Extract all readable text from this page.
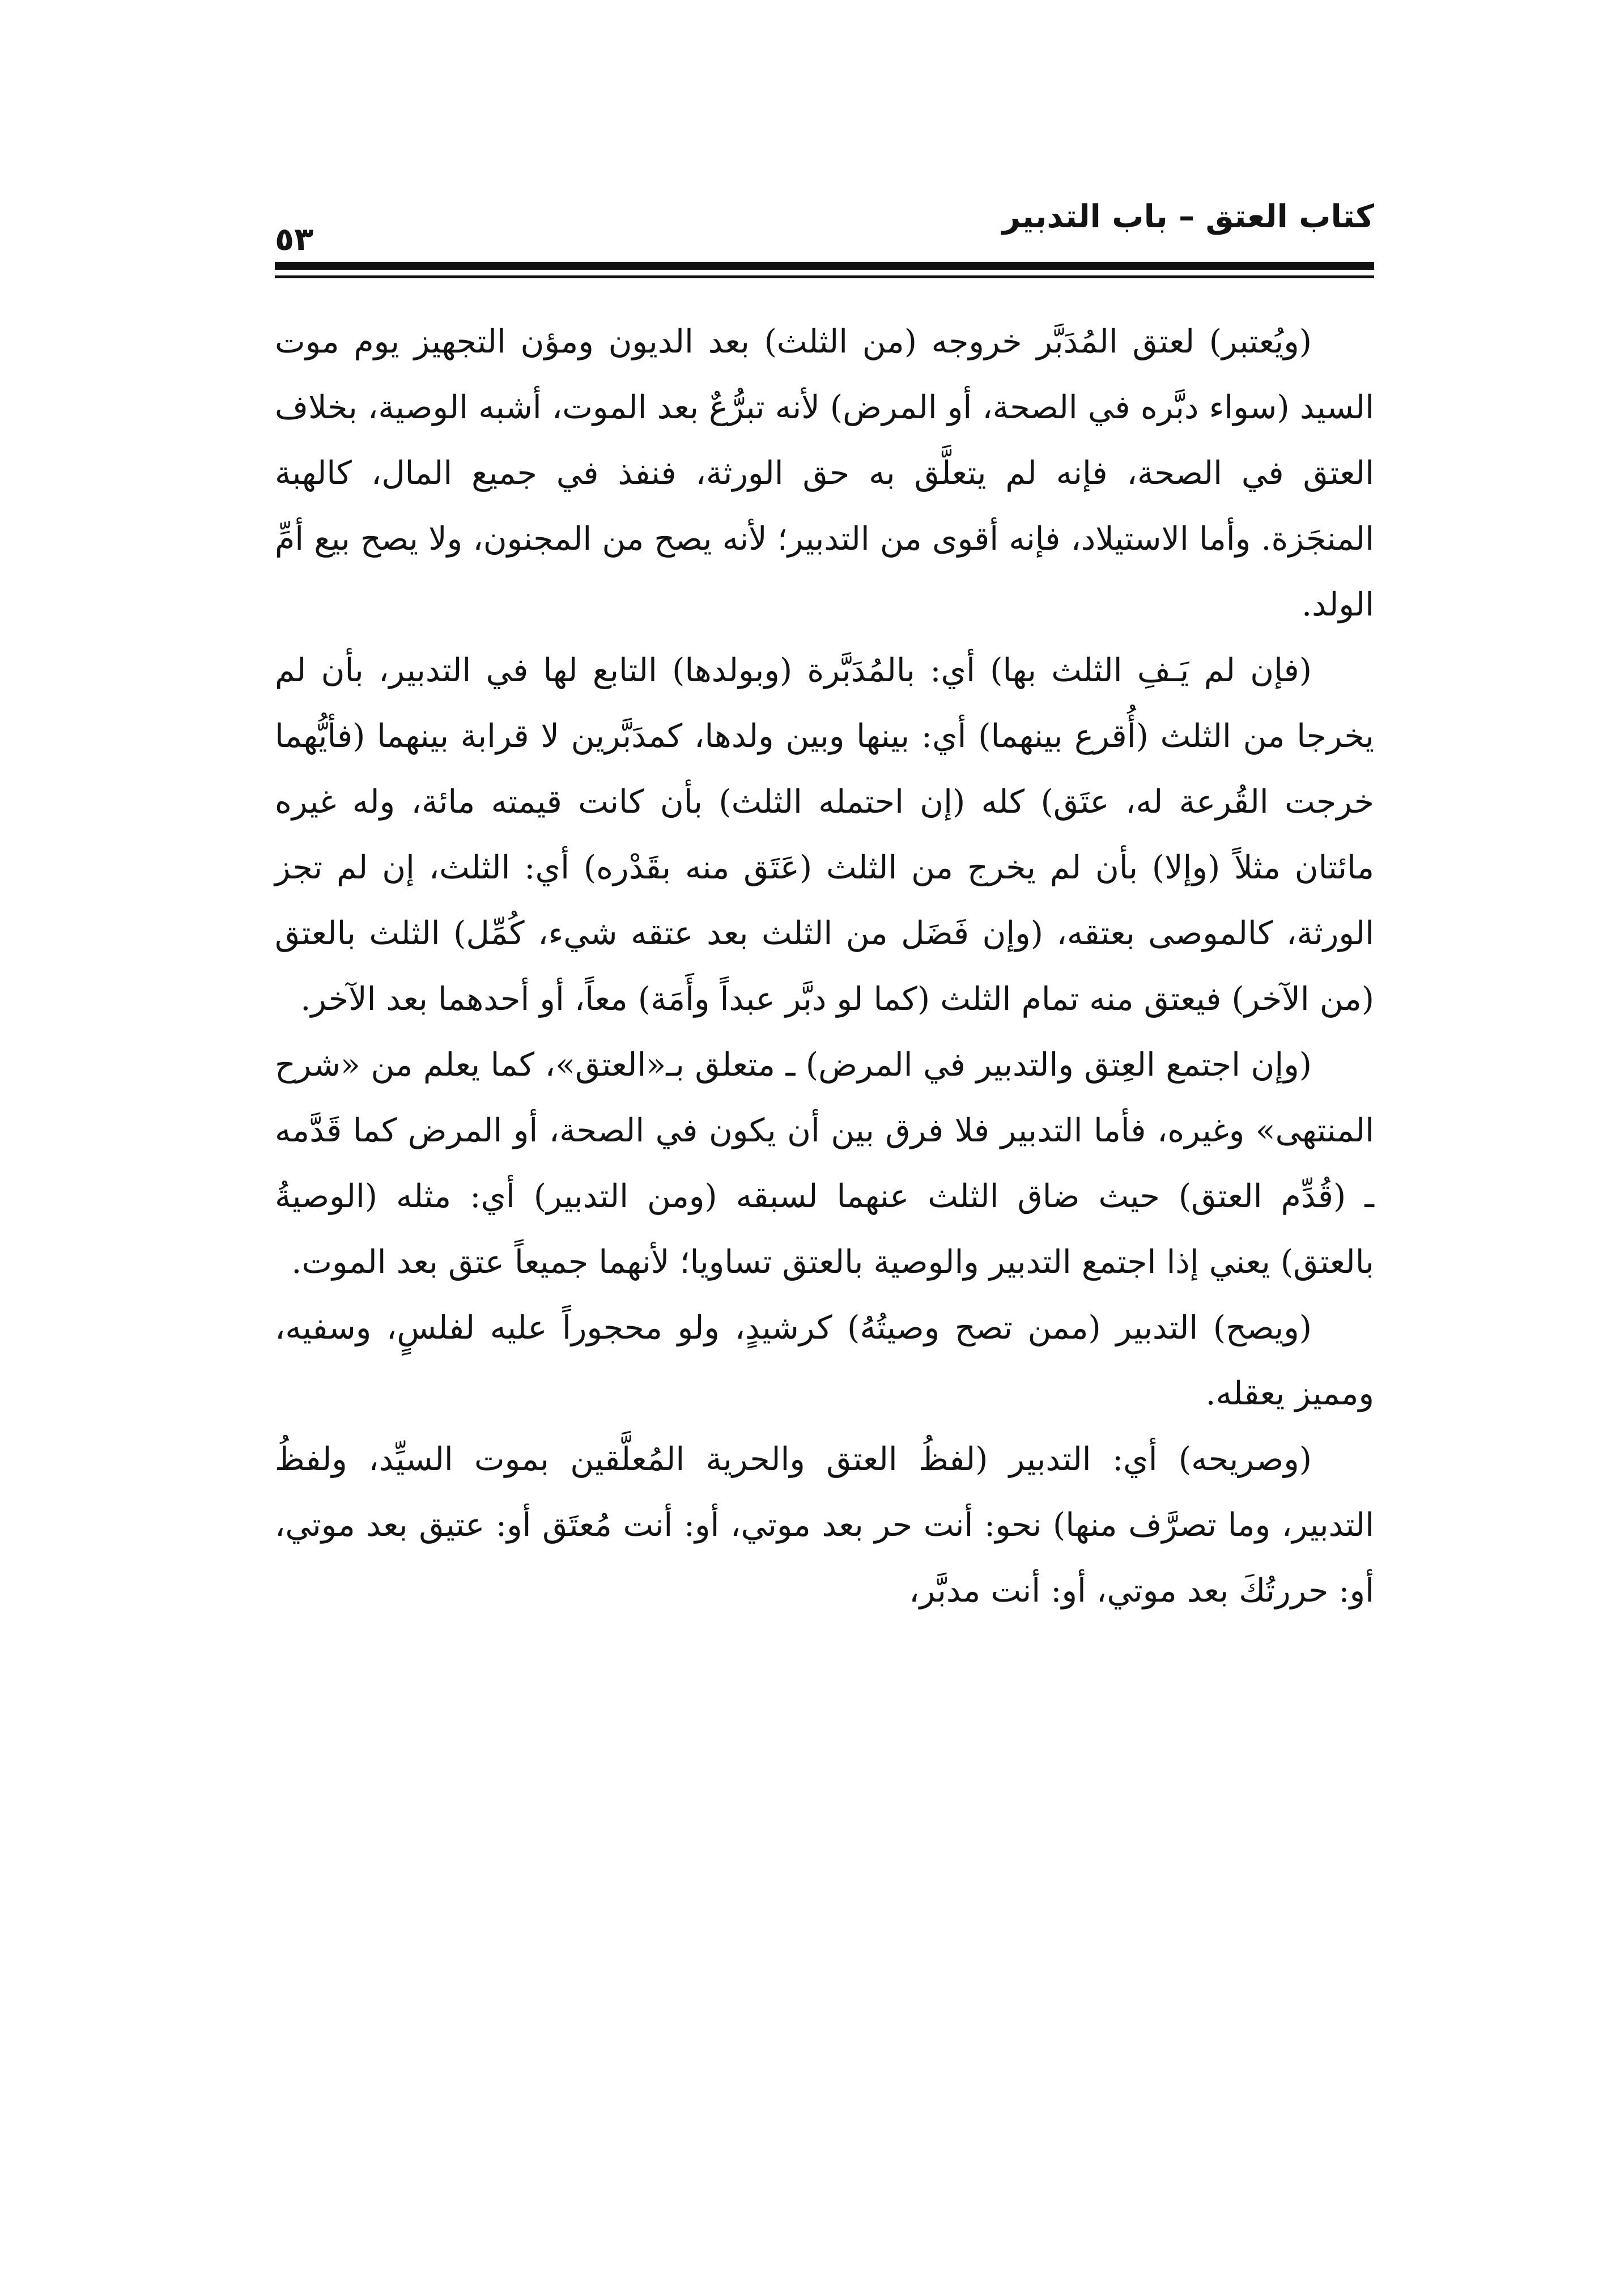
كتاب العتق – باب التدبير
٥٣

(ويُعتبر) لعتق المُدَبَّر خروجه (من الثلث) بعد الديون ومؤن التجهيز يوم موت السيد (سواء دبَّره في الصحة، أو المرض) لأنه تبرُّعٌ بعد الموت، أشبه الوصية، بخلاف العتق في الصحة، فإنه لم يتعلَّق به حق الورثة، فنفذ في جميع المال، كالهبة المنجَزة. وأما الاستيلاد، فإنه أقوى من التدبير؛ لأنه يصح من المجنون، ولا يصح بيع أمِّ الولد.

(فإن لم يَـفِ الثلث بها) أي: بالمُدَبَّرة (وبولدها) التابع لها في التدبير، بأن لم يخرجا من الثلث (أُقرع بينهما) أي: بينها وبين ولدها، كمدَبَّرين لا قرابة بينهما (فأيُّهما خرجت القُرعة له، عتَق) كله (إن احتمله الثلث) بأن كانت قيمته مائة، وله غيره مائتان مثلاً (وإلا) بأن لم يخرج من الثلث (عَتَق منه بقَدْره) أي: الثلث، إن لم تجز الورثة، كالموصى بعتقه، (وإن فَضَل من الثلث بعد عتقه شيء، كُمِّل) الثلث بالعتق (من الآخر) فيعتق منه تمام الثلث (كما لو دبَّر عبداً وأَمَة) معاً، أو أحدهما بعد الآخر.

(وإن اجتمع العِتق والتدبير في المرض) ـ متعلق بـ«العتق»، كما يعلم من «شرح المنتهى» وغيره، فأما التدبير فلا فرق بين أن يكون في الصحة، أو المرض كما قَدَّمه ـ (قُدِّم العتق) حيث ضاق الثلث عنهما لسبقه (ومن التدبير) أي: مثله (الوصيةُ بالعتق) يعني إذا اجتمع التدبير والوصية بالعتق تساويا؛ لأنهما جميعاً عتق بعد الموت.

(ويصح) التدبير (ممن تصح وصيتُهُ) كرشيدٍ، ولو محجوراً عليه لفلسٍ، وسفيه، ومميز يعقله.

(وصريحه) أي: التدبير (لفظُ العتق والحرية المُعلَّقين بموت السيِّد، ولفظُ التدبير، وما تصرَّف منها) نحو: أنت حر بعد موتي، أو: أنت مُعتَق أو: عتيق بعد موتي، أو: حررتُكَ بعد موتي، أو: أنت مدبَّر،
